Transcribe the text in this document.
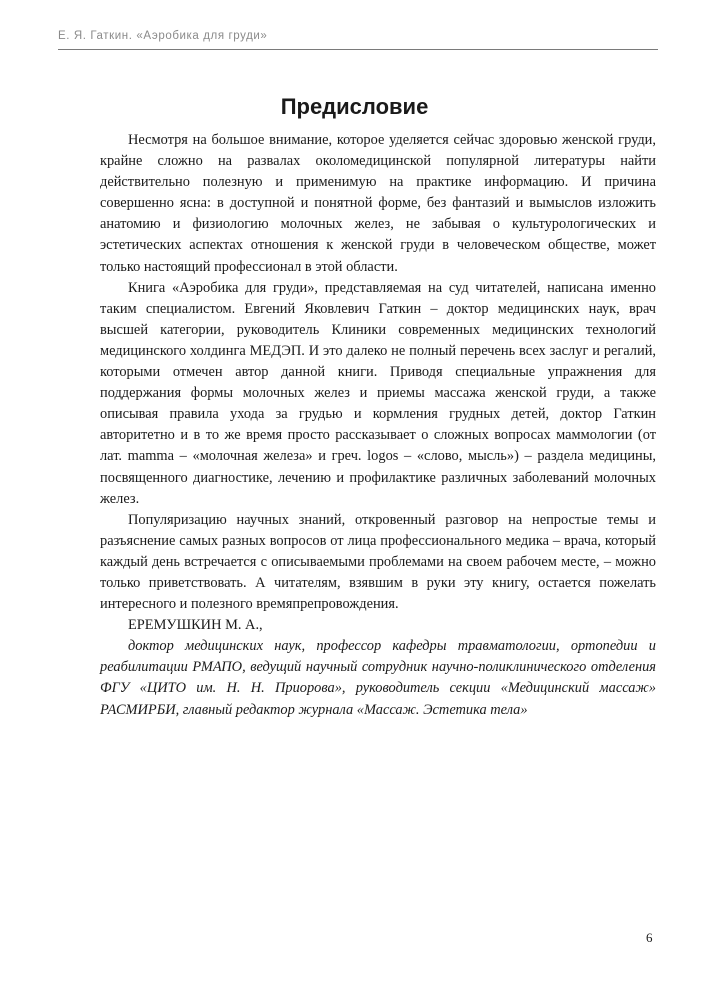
Е. Я. Гаткин. «Аэробика для груди»
Предисловие

Несмотря на большое внимание, которое уделяется сейчас здоровью женской груди, крайне сложно на развалах околомедицинской популярной литературы найти действительно полезную и применимую на практике информацию. И причина совершенно ясна: в доступной и понятной форме, без фантазий и вымыслов изложить анатомию и физиологию молочных желез, не забывая о культурологических и эстетических аспектах отношения к женской груди в человеческом обществе, может только настоящий профессионал в этой области.

Книга «Аэробика для груди», представляемая на суд читателей, написана именно таким специалистом. Евгений Яковлевич Гаткин – доктор медицинских наук, врач высшей категории, руководитель Клиники современных медицинских технологий медицинского холдинга МЕДЭП. И это далеко не полный перечень всех заслуг и регалий, которыми отмечен автор данной книги. Приводя специальные упражнения для поддержания формы молочных желез и приемы массажа женской груди, а также описывая правила ухода за грудью и кормления грудных детей, доктор Гаткин авторитетно и в то же время просто рассказывает о сложных вопросах маммологии (от лат. mamma – «молочная железа» и греч. logos – «слово, мысль») – раздела медицины, посвященного диагностике, лечению и профилактике различных заболеваний молочных желез.

Популяризацию научных знаний, откровенный разговор на непростые темы и разъяснение самых разных вопросов от лица профессионального медика – врача, который каждый день встречается с описываемыми проблемами на своем рабочем месте, – можно только приветствовать. А читателям, взявшим в руки эту книгу, остается пожелать интересного и полезного времяпрепровождения.

ЕРЕМУШКИН М. А.,

доктор медицинских наук, профессор кафедры травматологии, ортопедии и реабилитации РМАПО, ведущий научный сотрудник научно-поликлинического отделения ФГУ «ЦИТО им. Н. Н. Приорова», руководитель секции «Медицинский массаж» РАСМИРБИ, главный редактор журнала «Массаж. Эстетика тела»

6
